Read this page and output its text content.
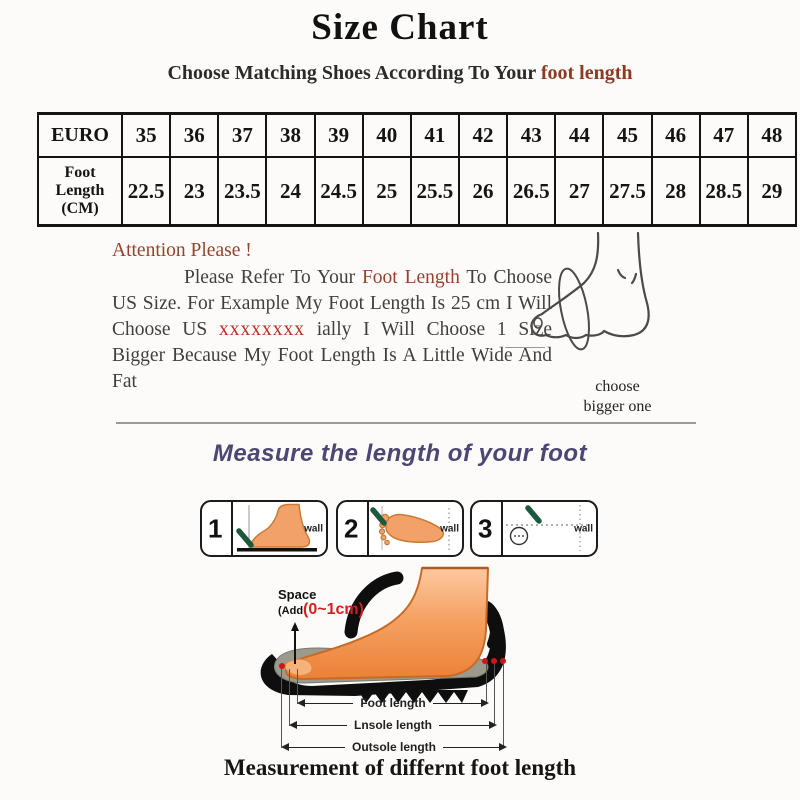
Size Chart
Choose Matching Shoes According To Your foot length
EURO	35	36	37	38	39	40	41	42	43	44	45	46	47	48
Foot Length (CM)	22.5	23	23.5	24	24.5	25	25.5	26	26.5	27	27.5	28	28.5	29
Attention Please !

Please Refer To Your Foot Length To Choose US Size. For Example My Foot Length Is 25 cm I Will Choose US xxxxxxxx ially I Will Choose 1 Size Bigger Because My Foot Length Is A Little Wide And Fat	choose
bigger one
Measure the length of your foot
1	wall 2	wall 3	wall
Space
(Add(0~1cm)
Foot length
Lnsole length
Outsole length
Measurement of differnt foot length
